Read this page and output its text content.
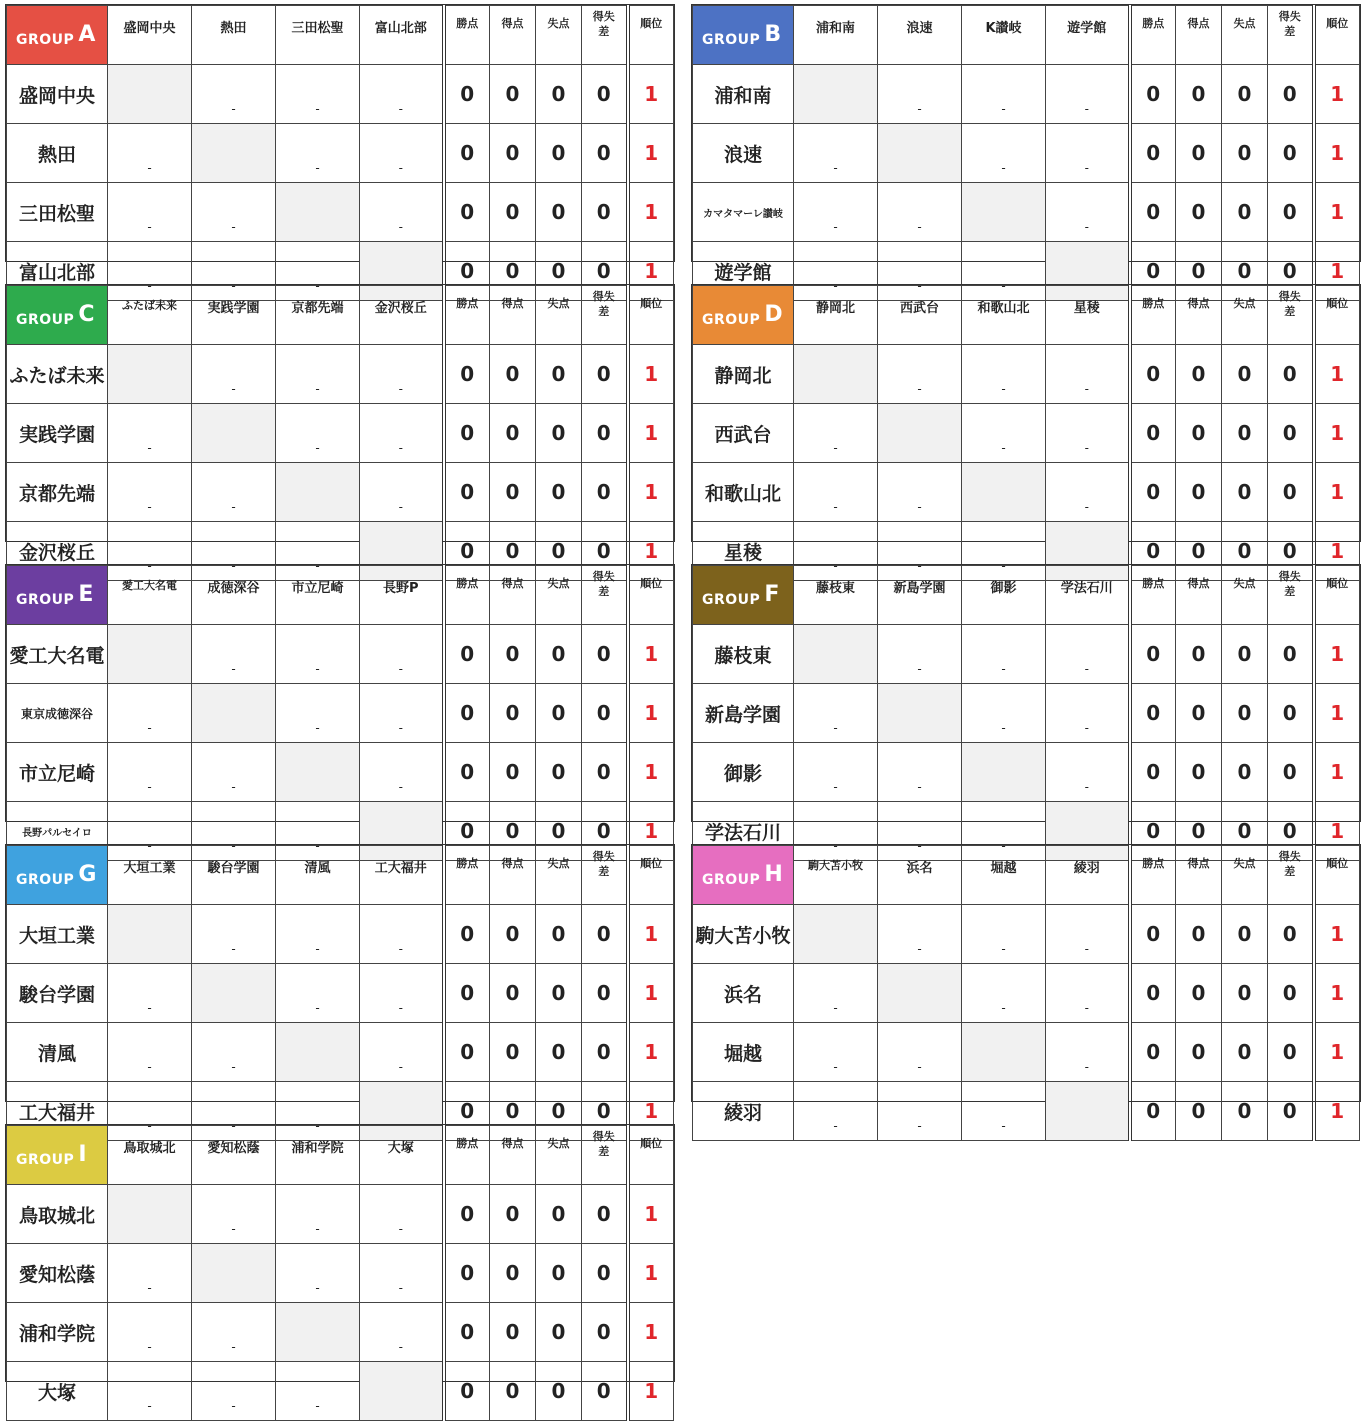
GROUP A	盛岡中央	熱田	三田松聖	富山北部	勝点	得点	失点	得失
差	順位
盛岡中央		-	-	-	0	0	0	0	1
熱田	-		-	-	0	0	0	0	1
三田松聖	-	-		-	0	0	0	0	1
富山北部	-	-	-		0	0	0	0	1
GROUP B	浦和南	浪速	K讃岐	遊学館	勝点	得点	失点	得失
差	順位
浦和南		-	-	-	0	0	0	0	1
浪速	-		-	-	0	0	0	0	1
カマタマーレ讃岐	-	-		-	0	0	0	0	1
遊学館	-	-	-		0	0	0	0	1
GROUP C	ふたば未来	実践学園	京都先端	金沢桜丘	勝点	得点	失点	得失
差	順位
ふたば未来		-	-	-	0	0	0	0	1
実践学園	-		-	-	0	0	0	0	1
京都先端	-	-		-	0	0	0	0	1
金沢桜丘	-	-	-		0	0	0	0	1
GROUP D	静岡北	西武台	和歌山北	星稜	勝点	得点	失点	得失
差	順位
静岡北		-	-	-	0	0	0	0	1
西武台	-		-	-	0	0	0	0	1
和歌山北	-	-		-	0	0	0	0	1
星稜	-	-	-		0	0	0	0	1
GROUP E	愛工大名電	成徳深谷	市立尼崎	長野P	勝点	得点	失点	得失
差	順位
愛工大名電		-	-	-	0	0	0	0	1
東京成徳深谷	-		-	-	0	0	0	0	1
市立尼崎	-	-		-	0	0	0	0	1
長野パルセイロ	-	-	-		0	0	0	0	1
GROUP F	藤枝東	新島学園	御影	学法石川	勝点	得点	失点	得失
差	順位
藤枝東		-	-	-	0	0	0	0	1
新島学園	-		-	-	0	0	0	0	1
御影	-	-		-	0	0	0	0	1
学法石川	-	-	-		0	0	0	0	1
GROUP G	大垣工業	駿台学園	清風	工大福井	勝点	得点	失点	得失
差	順位
大垣工業		-	-	-	0	0	0	0	1
駿台学園	-		-	-	0	0	0	0	1
清風	-	-		-	0	0	0	0	1
工大福井	-	-	-		0	0	0	0	1
GROUP H	駒大苫小牧	浜名	堀越	綾羽	勝点	得点	失点	得失
差	順位
駒大苫小牧		-	-	-	0	0	0	0	1
浜名	-		-	-	0	0	0	0	1
堀越	-	-		-	0	0	0	0	1
綾羽	-	-	-		0	0	0	0	1
GROUP I	鳥取城北	愛知松蔭	浦和学院	大塚	勝点	得点	失点	得失
差	順位
鳥取城北		-	-	-	0	0	0	0	1
愛知松蔭	-		-	-	0	0	0	0	1
浦和学院	-	-		-	0	0	0	0	1
大塚	-	-	-		0	0	0	0	1
